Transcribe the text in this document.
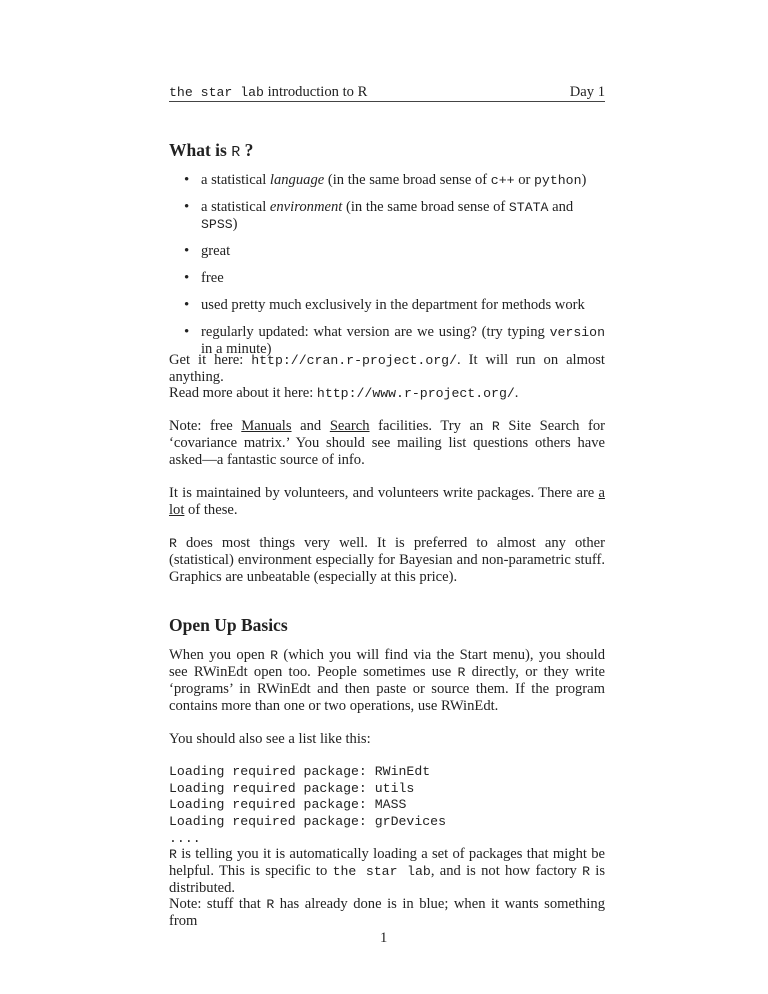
the star lab introduction to R	Day 1
What is R ?
• a statistical language (in the same broad sense of c++ or python)
• a statistical environment (in the same broad sense of STATA and SPSS)
• great
• free
• used pretty much exclusively in the department for methods work
• regularly updated: what version are we using? (try typing version in a minute)
Get it here: http://cran.r-project.org/. It will run on almost anything.
Read more about it here: http://www.r-project.org/.
Note: free Manuals and Search facilities. Try an R Site Search for ‘covariance matrix.’ You should see mailing list questions others have asked—a fantastic source of info.
It is maintained by volunteers, and volunteers write packages. There are a lot of these.
R does most things very well. It is preferred to almost any other (statistical) environment especially for Bayesian and non-parametric stuff. Graphics are unbeatable (especially at this price).
Open Up Basics
When you open R (which you will find via the Start menu), you should see RWinEdt open too. People sometimes use R directly, or they write ‘programs’ in RWinEdt and then paste or source them. If the program contains more than one or two operations, use RWinEdt.
You should also see a list like this:
Loading required package: RWinEdt
Loading required package: utils
Loading required package: MASS
Loading required package: grDevices
....
R is telling you it is automatically loading a set of packages that might be helpful. This is specific to the star lab, and is not how factory R is distributed.
Note: stuff that R has already done is in blue; when it wants something from
1
